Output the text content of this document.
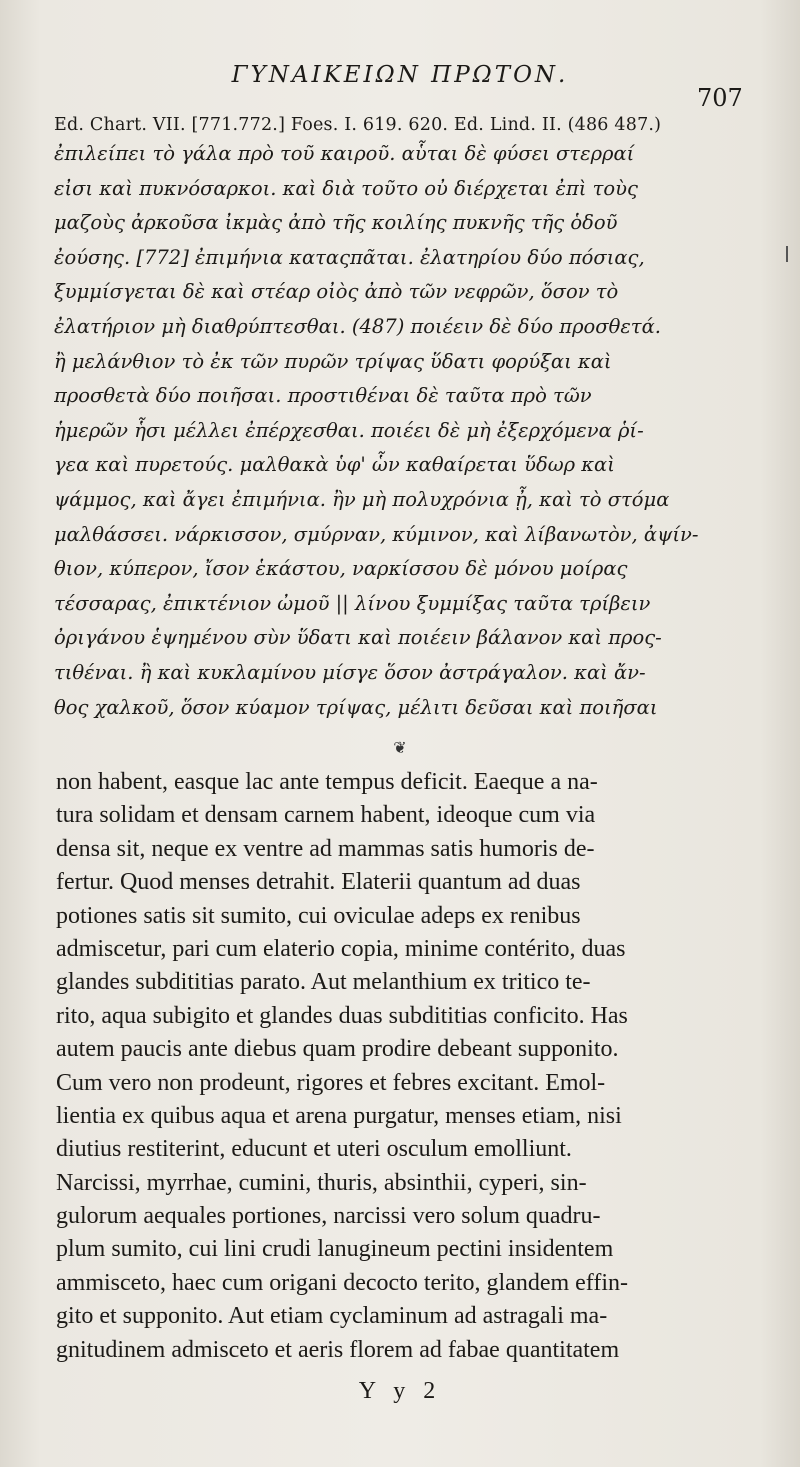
ΓΥΝΑΙΚΕΙΩΝ ΠΡΩΤΟΝ.
707
Ed. Chart. VII. [771.772.] Foes. I. 619. 620. Ed. Lind. II. (486 487.)
ἐπιλείπει τὸ γάλα πρὸ τοῦ καιροῦ. αὗται δὲ φύσει στερραί
εἰσι καὶ πυκνόσαρκοι. καὶ διὰ τοῦτο οὐ διέρχεται ἐπὶ τοὺς
μαζοὺς ἀρκοῦσα ἰκμὰς ἀπὸ τῆς κοιλίης πυκνῆς τῆς ὁδοῦ
ἐούσης. [772] ἐπιμήνια καταςπᾶται. ἐλατηρίου δύο πόσιας,
ξυμμίσγεται δὲ καὶ στέαρ οἰὸς ἀπὸ τῶν νεφρῶν, ὅσον τὸ
ἐλατήριον μὴ διαθρύπτεσθαι. (487) ποιέειν δὲ δύο προσθετά.
ἢ μελάνθιον τὸ ἐκ τῶν πυρῶν τρίψας ὕδατι φορύξαι καὶ
προσθετὰ δύο ποιῆσαι. προστιθέναι δὲ ταῦτα πρὸ τῶν
ἡμερῶν ἧσι μέλλει ἐπέρχεσθαι. ποιέει δὲ μὴ ἐξερχόμενα ῥί-
γεα καὶ πυρετούς. μαλθακὰ ὑφ' ὧν καθαίρεται ὕδωρ καὶ
ψάμμος, καὶ ἄγει ἐπιμήνια. ἢν μὴ πολυχρόνια ᾖ, καὶ τὸ στόμα
μαλθάσσει. νάρκισσον, σμύρναν, κύμινον, καὶ λίβανωτὸν, ἀψίν-
θιον, κύπερον, ἴσον ἑκάστου, ναρκίσσου δὲ μόνου μοίρας
τέσσαρας, ἐπικτένιον ὠμοῦ || λίνου ξυμμίξας ταῦτα τρίβειν
ὀριγάνου ἑψημένου σὺν ὕδατι καὶ ποιέειν βάλανον καὶ προς-
τιθέναι. ἢ καὶ κυκλαμίνου μίσγε ὅσον ἀστράγαλον. καὶ ἄν-
θος χαλκοῦ, ὅσον κύαμον τρίψας, μέλιτι δεῦσαι καὶ ποιῆσαι
❦
non habent, easque lac ante tempus deficit. Eaeque a na-
tura solidam et densam carnem habent, ideoque cum via
densa sit, neque ex ventre ad mammas satis humoris de-
fertur. Quod menses detrahit. Elaterii quantum ad duas
potiones satis sit sumito, cui oviculae adeps ex renibus
admiscetur, pari cum elaterio copia, minime contérito, duas
glandes subdititias parato. Aut melanthium ex tritico te-
rito, aqua subigito et glandes duas subdititias conficito. Has
autem paucis ante diebus quam prodire debeant supponito.
Cum vero non prodeunt, rigores et febres excitant. Emol-
lientia ex quibus aqua et arena purgatur, menses etiam, nisi
diutius restiterint, educunt et uteri osculum emolliunt.
Narcissi, myrrhae, cumini, thuris, absinthii, cyperi, sin-
gulorum aequales portiones, narcissi vero solum quadru-
plum sumito, cui lini crudi lanugineum pectini insidentem
ammisceto, haec cum origani decocto terito, glandem effin-
gito et supponito. Aut etiam cyclaminum ad astragali ma-
gnitudinem admisceto et aeris florem ad fabae quantitatem
Y y 2
